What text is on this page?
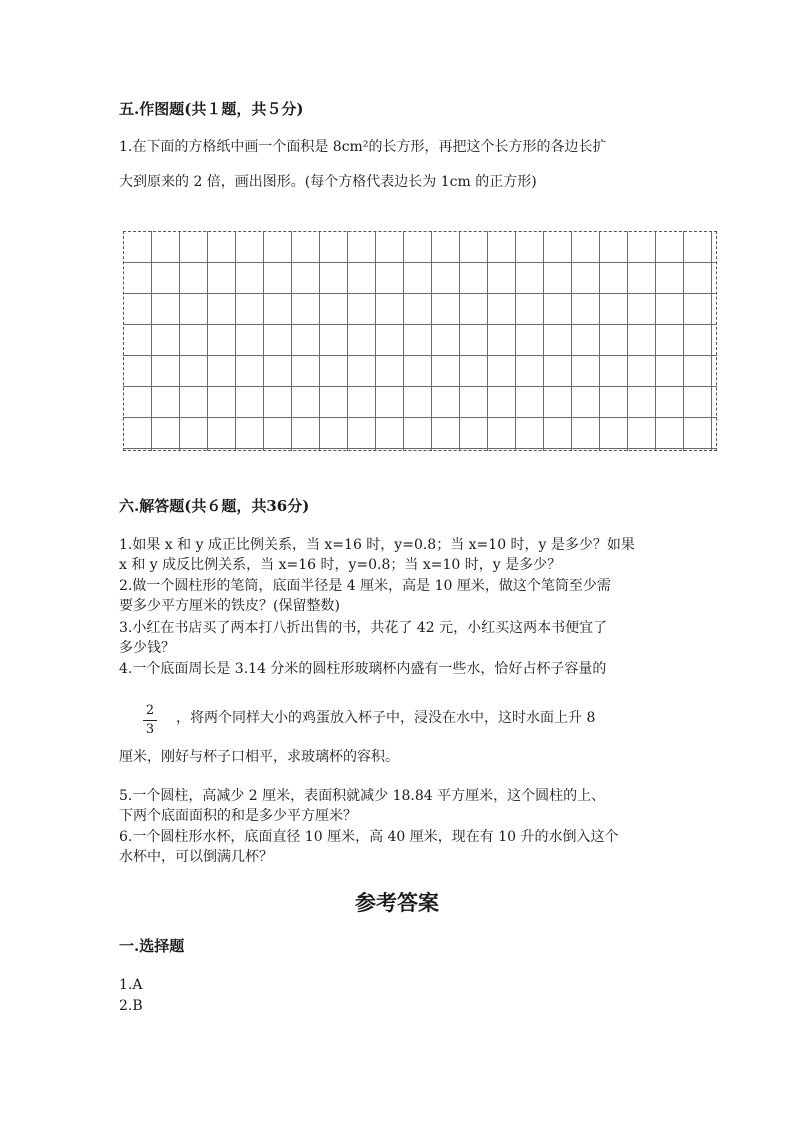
五.作图题(共１题，共５分)
1.在下面的方格纸中画一个面积是 8cm²的长方形，再把这个长方形的各边长扩
大到原来的 2 倍，画出图形。(每个方格代表边长为 1cm 的正方形)
六.解答题(共６题，共36分)
1.如果 x 和 y 成正比例关系，当 x=16 时，y=0.8；当 x=10 时，y 是多少？如果
x 和 y 成反比例关系，当 x=16 时，y=0.8；当 x=10 时，y 是多少？
2.做一个圆柱形的笔筒，底面半径是 4 厘米，高是 10 厘米，做这个笔筒至少需
要多少平方厘米的铁皮？(保留整数)
3.小红在书店买了两本打八折出售的书，共花了 42 元，小红买这两本书便宜了
多少钱？
4.一个底面周长是 3.14 分米的圆柱形玻璃杯内盛有一些水，恰好占杯子容量的
2
3
，将两个同样大小的鸡蛋放入杯子中，浸没在水中，这时水面上升 8
厘米，刚好与杯子口相平，求玻璃杯的容积。
5.一个圆柱，高减少 2 厘米，表面积就减少 18.84 平方厘米，这个圆柱的上、
下两个底面面积的和是多少平方厘米？
6.一个圆柱形水杯，底面直径 10 厘米，高 40 厘米，现在有 10 升的水倒入这个
水杯中，可以倒满几杯？
参考答案
一.选择题
1.A
2.B
